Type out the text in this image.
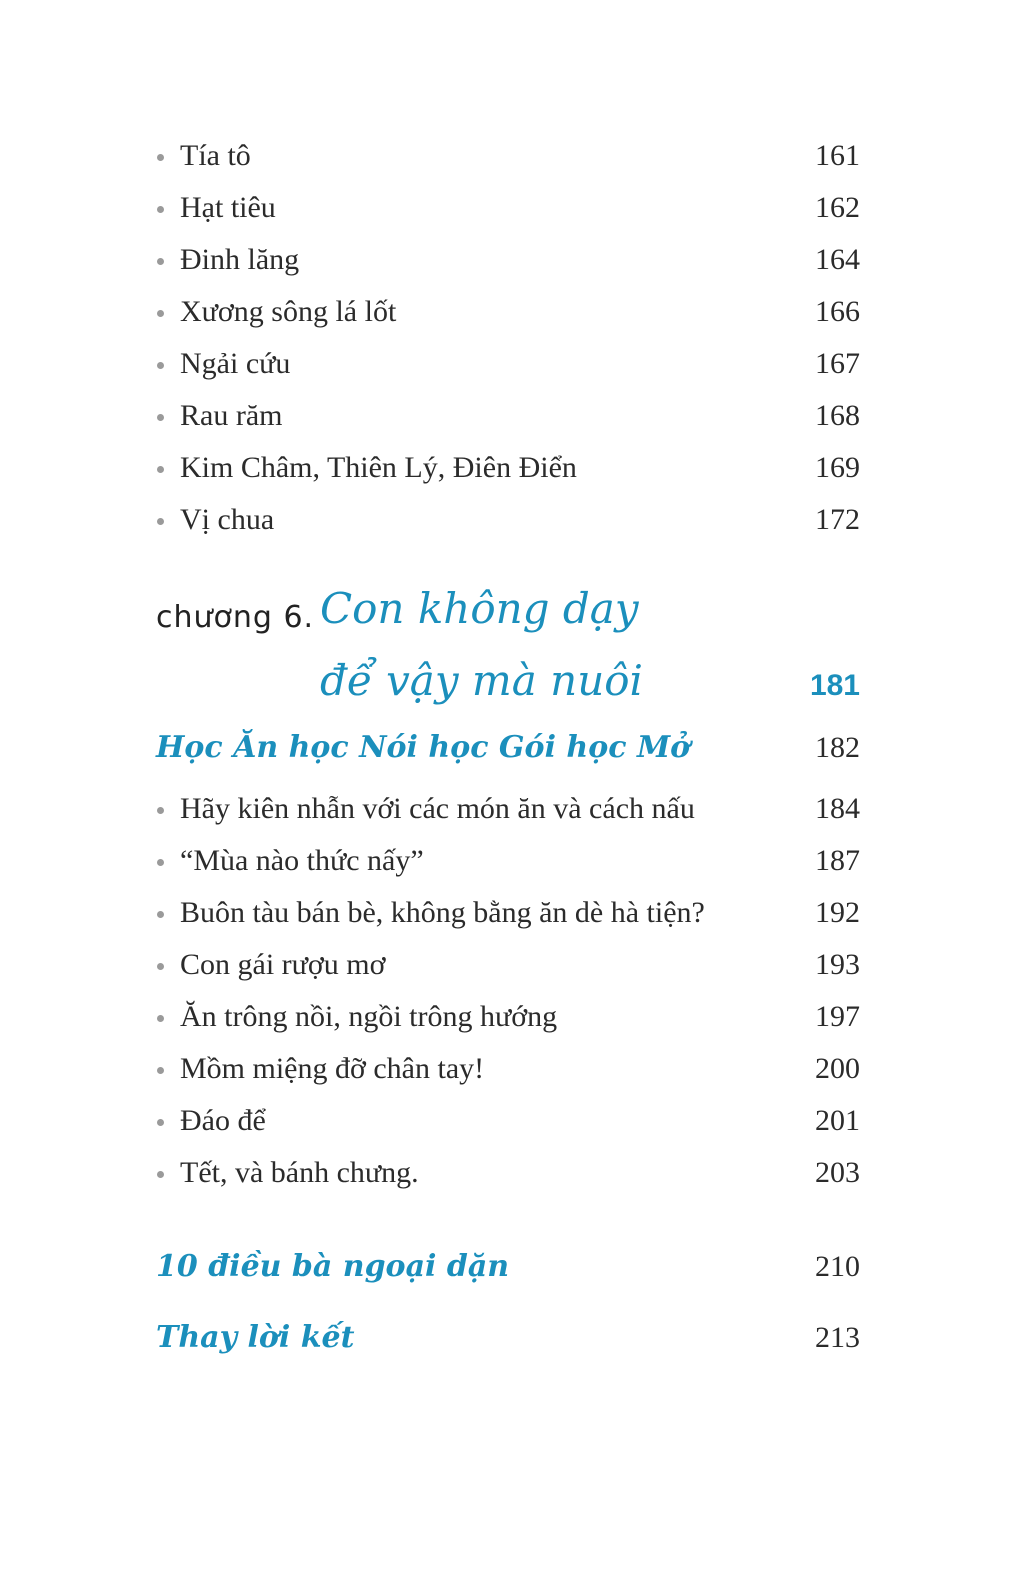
Tía tô	161
Hạt tiêu	162
Đinh lăng	164
Xương sông lá lốt	166
Ngải cứu	167
Rau răm	168
Kim Châm, Thiên Lý, Điên Điển	169
Vị chua	172
chương 6. Con không dạy
để vậy mà nuôi	181
Học Ăn học Nói học Gói học Mở	182
Hãy kiên nhẫn với các món ăn và cách nấu	184
“Mùa nào thức nấy”	187
Buôn tàu bán bè, không bằng ăn dè hà tiện?	192
Con gái rượu mơ	193
Ăn trông nồi, ngồi trông hướng	197
Mồm miệng đỡ chân tay!	200
Đáo để	201
Tết, và bánh chưng.	203
10 điều bà ngoại dặn	210
Thay lời kết	213
